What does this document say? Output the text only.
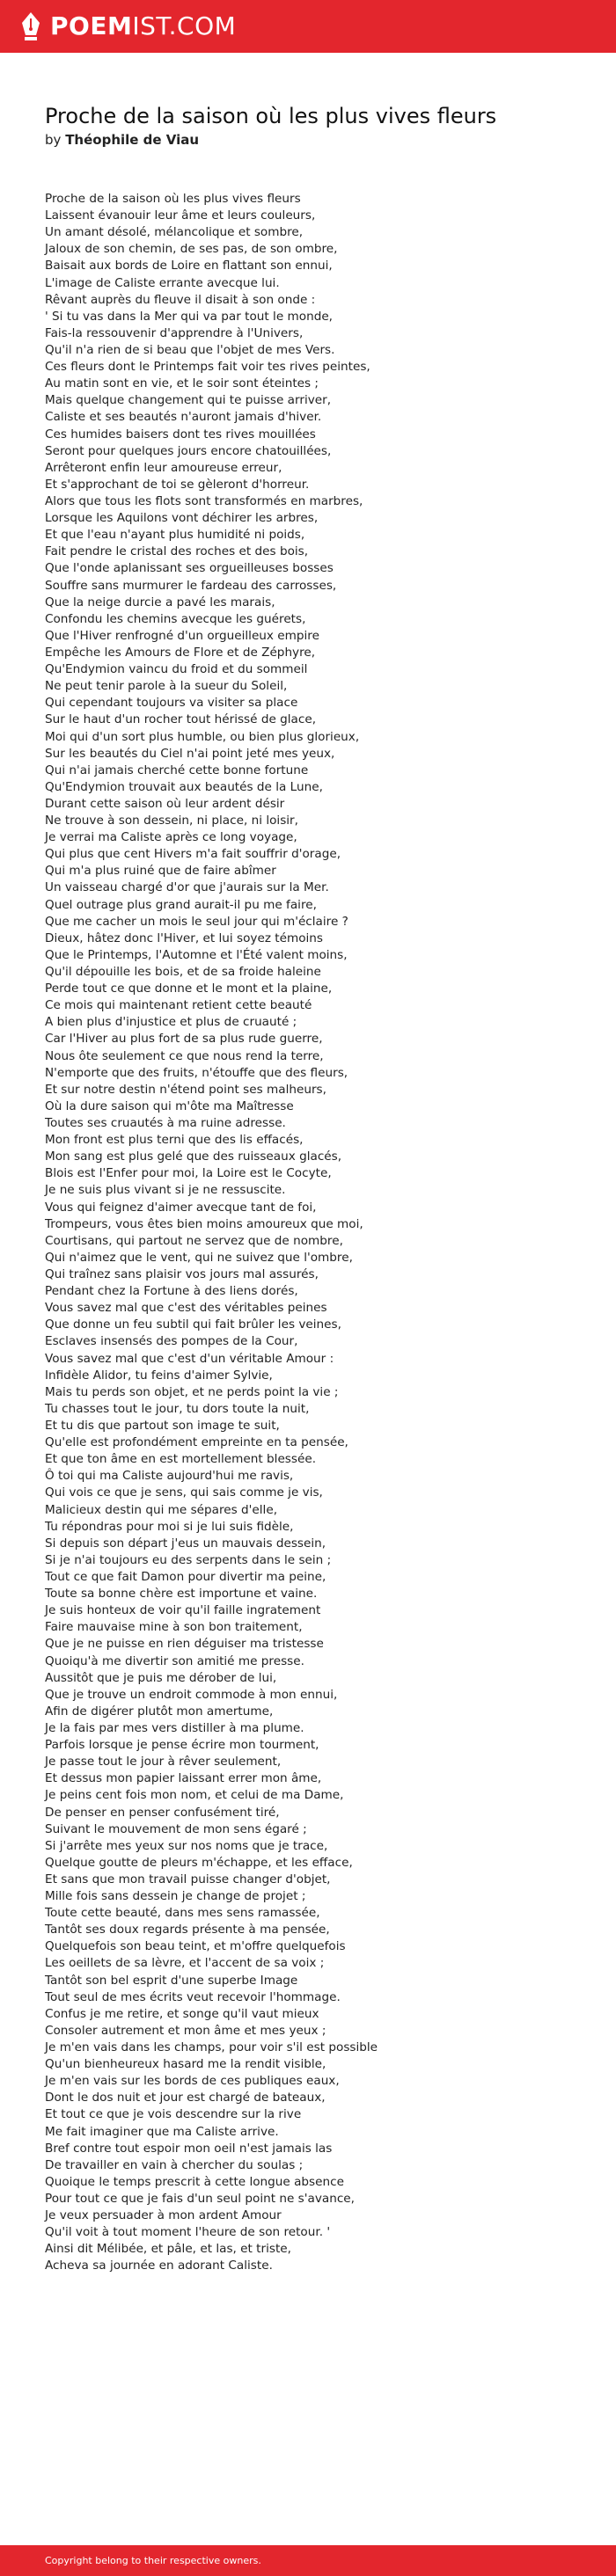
POEMIST.COM
Proche de la saison où les plus vives fleurs
by Théophile de Viau
Proche de la saison où les plus vives fleurs
Laissent évanouir leur âme et leurs couleurs,
Un amant désolé, mélancolique et sombre,
Jaloux de son chemin, de ses pas, de son ombre,
Baisait aux bords de Loire en flattant son ennui,
L'image de Caliste errante avecque lui.
Rêvant auprès du fleuve il disait à son onde :
' Si tu vas dans la Mer qui va par tout le monde,
Fais-la ressouvenir d'apprendre à l'Univers,
Qu'il n'a rien de si beau que l'objet de mes Vers.
Ces fleurs dont le Printemps fait voir tes rives peintes,
Au matin sont en vie, et le soir sont éteintes ;
Mais quelque changement qui te puisse arriver,
Caliste et ses beautés n'auront jamais d'hiver.
Ces humides baisers dont tes rives mouillées
Seront pour quelques jours encore chatouillées,
Arrêteront enfin leur amoureuse erreur,
Et s'approchant de toi se gèleront d'horreur.
Alors que tous les flots sont transformés en marbres,
Lorsque les Aquilons vont déchirer les arbres,
Et que l'eau n'ayant plus humidité ni poids,
Fait pendre le cristal des roches et des bois,
Que l'onde aplanissant ses orgueilleuses bosses
Souffre sans murmurer le fardeau des carrosses,
Que la neige durcie a pavé les marais,
Confondu les chemins avecque les guérets,
Que l'Hiver renfrogné d'un orgueilleux empire
Empêche les Amours de Flore et de Zéphyre,
Qu'Endymion vaincu du froid et du sommeil
Ne peut tenir parole à la sueur du Soleil,
Qui cependant toujours va visiter sa place
Sur le haut d'un rocher tout hérissé de glace,
Moi qui d'un sort plus humble, ou bien plus glorieux,
Sur les beautés du Ciel n'ai point jeté mes yeux,
Qui n'ai jamais cherché cette bonne fortune
Qu'Endymion trouvait aux beautés de la Lune,
Durant cette saison où leur ardent désir
Ne trouve à son dessein, ni place, ni loisir,
Je verrai ma Caliste après ce long voyage,
Qui plus que cent Hivers m'a fait souffrir d'orage,
Qui m'a plus ruiné que de faire abîmer
Un vaisseau chargé d'or que j'aurais sur la Mer.
Quel outrage plus grand aurait-il pu me faire,
Que me cacher un mois le seul jour qui m'éclaire ?
Dieux, hâtez donc l'Hiver, et lui soyez témoins
Que le Printemps, l'Automne et l'Été valent moins,
Qu'il dépouille les bois, et de sa froide haleine
Perde tout ce que donne et le mont et la plaine,
Ce mois qui maintenant retient cette beauté
A bien plus d'injustice et plus de cruauté ;
Car l'Hiver au plus fort de sa plus rude guerre,
Nous ôte seulement ce que nous rend la terre,
N'emporte que des fruits, n'étouffe que des fleurs,
Et sur notre destin n'étend point ses malheurs,
Où la dure saison qui m'ôte ma Maîtresse
Toutes ses cruautés à ma ruine adresse.
Mon front est plus terni que des lis effacés,
Mon sang est plus gelé que des ruisseaux glacés,
Blois est l'Enfer pour moi, la Loire est le Cocyte,
Je ne suis plus vivant si je ne ressuscite.
Vous qui feignez d'aimer avecque tant de foi,
Trompeurs, vous êtes bien moins amoureux que moi,
Courtisans, qui partout ne servez que de nombre,
Qui n'aimez que le vent, qui ne suivez que l'ombre,
Qui traînez sans plaisir vos jours mal assurés,
Pendant chez la Fortune à des liens dorés,
Vous savez mal que c'est des véritables peines
Que donne un feu subtil qui fait brûler les veines,
Esclaves insensés des pompes de la Cour,
Vous savez mal que c'est d'un véritable Amour :
Infidèle Alidor, tu feins d'aimer Sylvie,
Mais tu perds son objet, et ne perds point la vie ;
Tu chasses tout le jour, tu dors toute la nuit,
Et tu dis que partout son image te suit,
Qu'elle est profondément empreinte en ta pensée,
Et que ton âme en est mortellement blessée.
Ô toi qui ma Caliste aujourd'hui me ravis,
Qui vois ce que je sens, qui sais comme je vis,
Malicieux destin qui me sépares d'elle,
Tu répondras pour moi si je lui suis fidèle,
Si depuis son départ j'eus un mauvais dessein,
Si je n'ai toujours eu des serpents dans le sein ;
Tout ce que fait Damon pour divertir ma peine,
Toute sa bonne chère est importune et vaine.
Je suis honteux de voir qu'il faille ingratement
Faire mauvaise mine à son bon traitement,
Que je ne puisse en rien déguiser ma tristesse
Quoiqu'à me divertir son amitié me presse.
Aussitôt que je puis me dérober de lui,
Que je trouve un endroit commode à mon ennui,
Afin de digérer plutôt mon amertume,
Je la fais par mes vers distiller à ma plume.
Parfois lorsque je pense écrire mon tourment,
Je passe tout le jour à rêver seulement,
Et dessus mon papier laissant errer mon âme,
Je peins cent fois mon nom, et celui de ma Dame,
De penser en penser confusément tiré,
Suivant le mouvement de mon sens égaré ;
Si j'arrête mes yeux sur nos noms que je trace,
Quelque goutte de pleurs m'échappe, et les efface,
Et sans que mon travail puisse changer d'objet,
Mille fois sans dessein je change de projet ;
Toute cette beauté, dans mes sens ramassée,
Tantôt ses doux regards présente à ma pensée,
Quelquefois son beau teint, et m'offre quelquefois
Les oeillets de sa lèvre, et l'accent de sa voix ;
Tantôt son bel esprit d'une superbe Image
Tout seul de mes écrits veut recevoir l'hommage.
Confus je me retire, et songe qu'il vaut mieux
Consoler autrement et mon âme et mes yeux ;
Je m'en vais dans les champs, pour voir s'il est possible
Qu'un bienheureux hasard me la rendit visible,
Je m'en vais sur les bords de ces publiques eaux,
Dont le dos nuit et jour est chargé de bateaux,
Et tout ce que je vois descendre sur la rive
Me fait imaginer que ma Caliste arrive.
Bref contre tout espoir mon oeil n'est jamais las
De travailler en vain à chercher du soulas ;
Quoique le temps prescrit à cette longue absence
Pour tout ce que je fais d'un seul point ne s'avance,
Je veux persuader à mon ardent Amour
Qu'il voit à tout moment l'heure de son retour. '
Ainsi dit Mélibée, et pâle, et las, et triste,
Acheva sa journée en adorant Caliste.
Copyright belong to their respective owners.
